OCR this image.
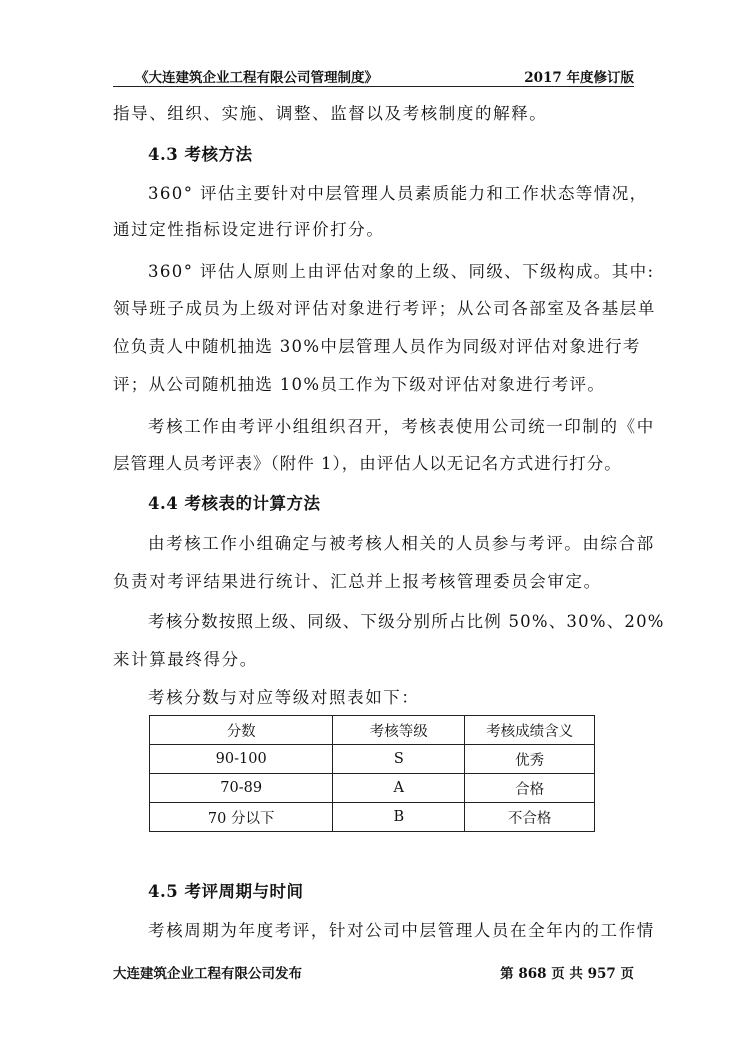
《大连建筑企业工程有限公司管理制度》	2017 年度修订版
指导、组织、实施、调整、监督以及考核制度的解释。
4.3 考核方法
360° 评估主要针对中层管理人员素质能力和工作状态等情况，
通过定性指标设定进行评价打分。
360° 评估人原则上由评估对象的上级、同级、下级构成。其中:
领导班子成员为上级对评估对象进行考评；从公司各部室及各基层单
位负责人中随机抽选 30%中层管理人员作为同级对评估对象进行考
评；从公司随机抽选 10%员工作为下级对评估对象进行考评。
考核工作由考评小组组织召开，考核表使用公司统一印制的《中
层管理人员考评表》（附件 1），由评估人以无记名方式进行打分。
4.4 考核表的计算方法
由考核工作小组确定与被考核人相关的人员参与考评。由综合部
负责对考评结果进行统计、汇总并上报考核管理委员会审定。
考核分数按照上级、同级、下级分别所占比例 50%、30%、20%
来计算最终得分。
考核分数与对应等级对照表如下：
分数	考核等级	考核成绩含义
90-100	S	优秀
70-89	A	合格
70 分以下	B	不合格
4.5 考评周期与时间
考核周期为年度考评，针对公司中层管理人员在全年内的工作情
大连建筑企业工程有限公司发布	第 868 页 共 957 页
